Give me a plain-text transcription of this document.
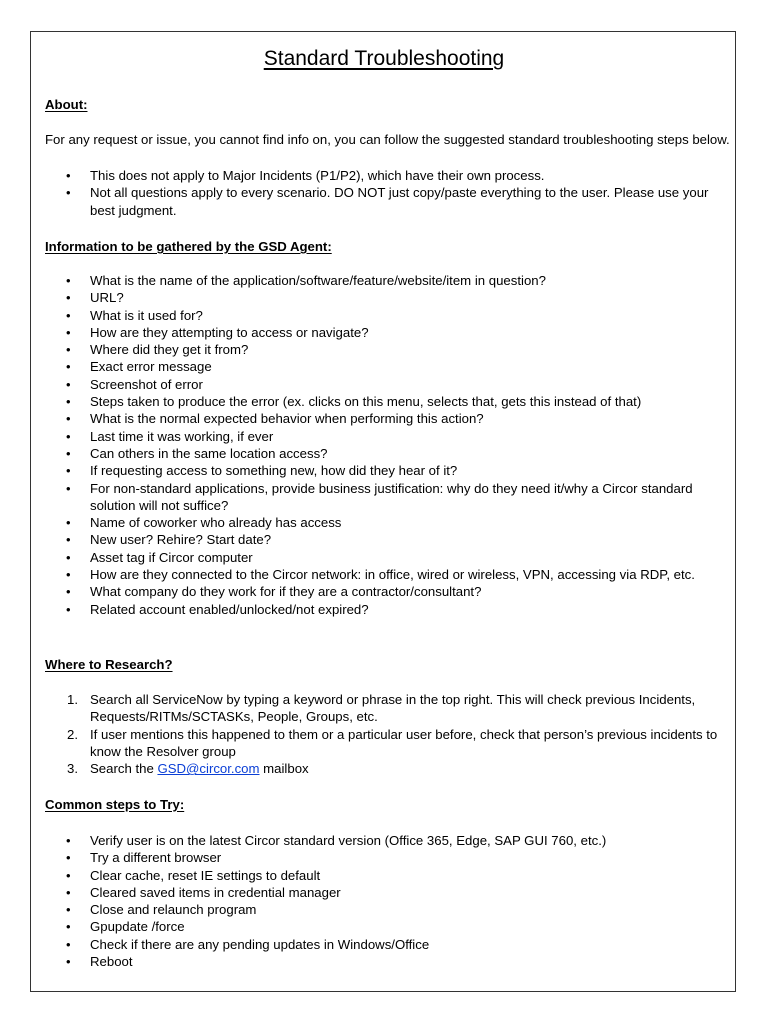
Standard Troubleshooting

About:

For any request or issue, you cannot find info on, you can follow the suggested standard troubleshooting steps below.

• This does not apply to Major Incidents (P1/P2), which have their own process.
• Not all questions apply to every scenario. DO NOT just copy/paste everything to the user. Please use your best judgment.

Information to be gathered by the GSD Agent:

• What is the name of the application/software/feature/website/item in question?
• URL?
• What is it used for?
• How are they attempting to access or navigate?
• Where did they get it from?
• Exact error message
• Screenshot of error
• Steps taken to produce the error (ex. clicks on this menu, selects that, gets this instead of that)
• What is the normal expected behavior when performing this action?
• Last time it was working, if ever
• Can others in the same location access?
• If requesting access to something new, how did they hear of it?
• For non-standard applications, provide business justification: why do they need it/why a Circor standard solution will not suffice?
• Name of coworker who already has access
• New user? Rehire? Start date?
• Asset tag if Circor computer
• How are they connected to the Circor network: in office, wired or wireless, VPN, accessing via RDP, etc.
• What company do they work for if they are a contractor/consultant?
• Related account enabled/unlocked/not expired?

Where to Research?

Search all ServiceNow by typing a keyword or phrase in the top right. This will check previous Incidents, Requests/RITMs/SCTASKs, People, Groups, etc.
If user mentions this happened to them or a particular user before, check that person’s previous incidents to know the Resolver group
Search the GSD@circor.com mailbox

Common steps to Try:

• Verify user is on the latest Circor standard version (Office 365, Edge, SAP GUI 760, etc.)
• Try a different browser
• Clear cache, reset IE settings to default
• Cleared saved items in credential manager
• Close and relaunch program
• Gpupdate /force
• Check if there are any pending updates in Windows/Office
• Reboot
